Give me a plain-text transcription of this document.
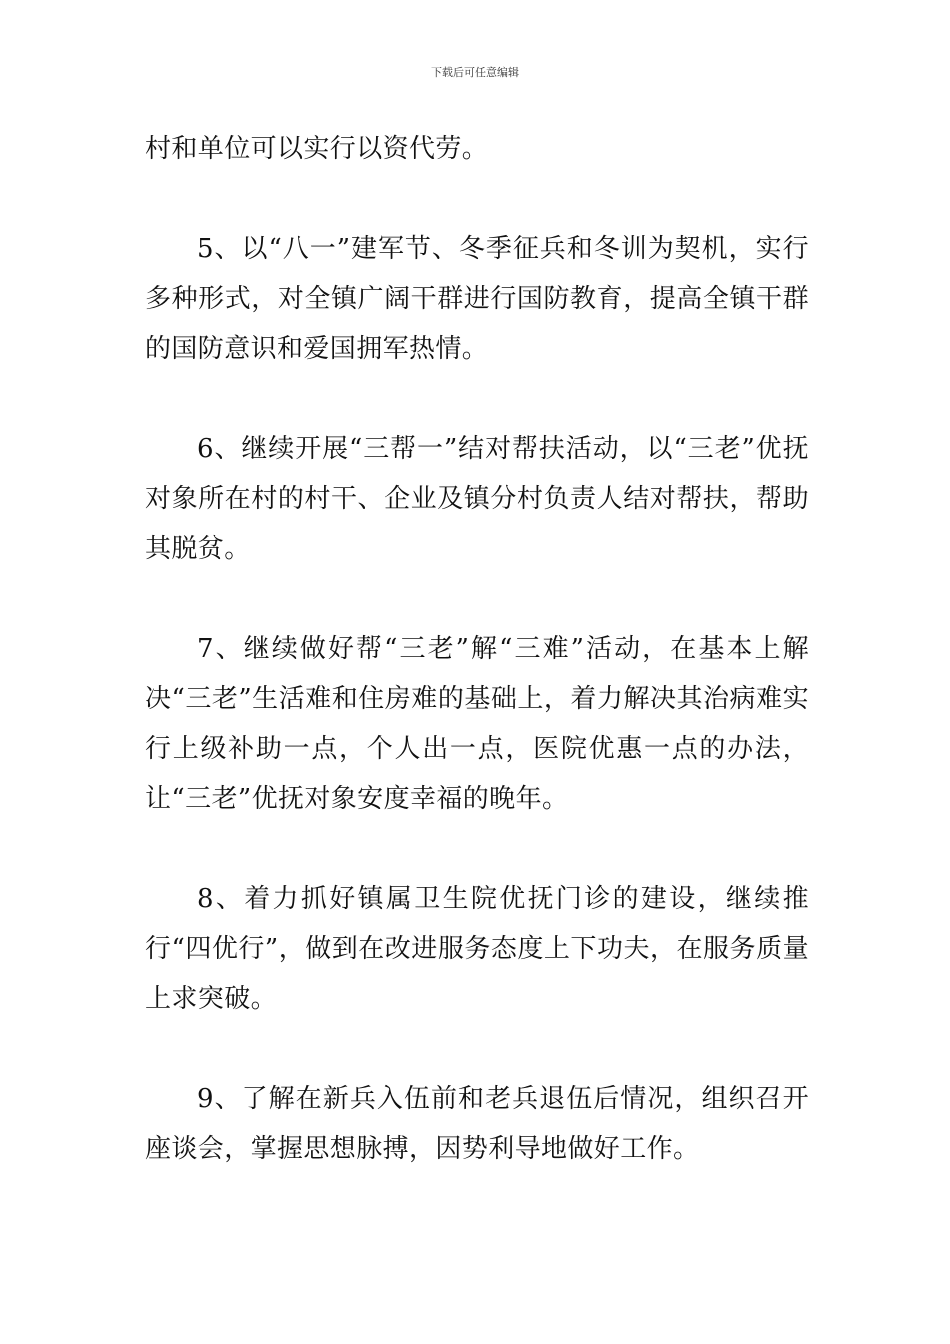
下载后可任意编辑

村和单位可以实行以资代劳。

5、以“八一”建军节、冬季征兵和冬训为契机，实行多种形式，对全镇广阔干群进行国防教育，提高全镇干群的国防意识和爱国拥军热情。

6、继续开展“三帮一”结对帮扶活动，以“三老”优抚对象所在村的村干、企业及镇分村负责人结对帮扶，帮助其脱贫。

7、继续做好帮“三老”解“三难”活动，在基本上解决“三老”生活难和住房难的基础上，着力解决其治病难实行上级补助一点，个人出一点，医院优惠一点的办法，让“三老”优抚对象安度幸福的晚年。

8、着力抓好镇属卫生院优抚门诊的建设，继续推行“四优行”，做到在改进服务态度上下功夫，在服务质量上求突破。

9、了解在新兵入伍前和老兵退伍后情况，组织召开座谈会，掌握思想脉搏，因势利导地做好工作。
